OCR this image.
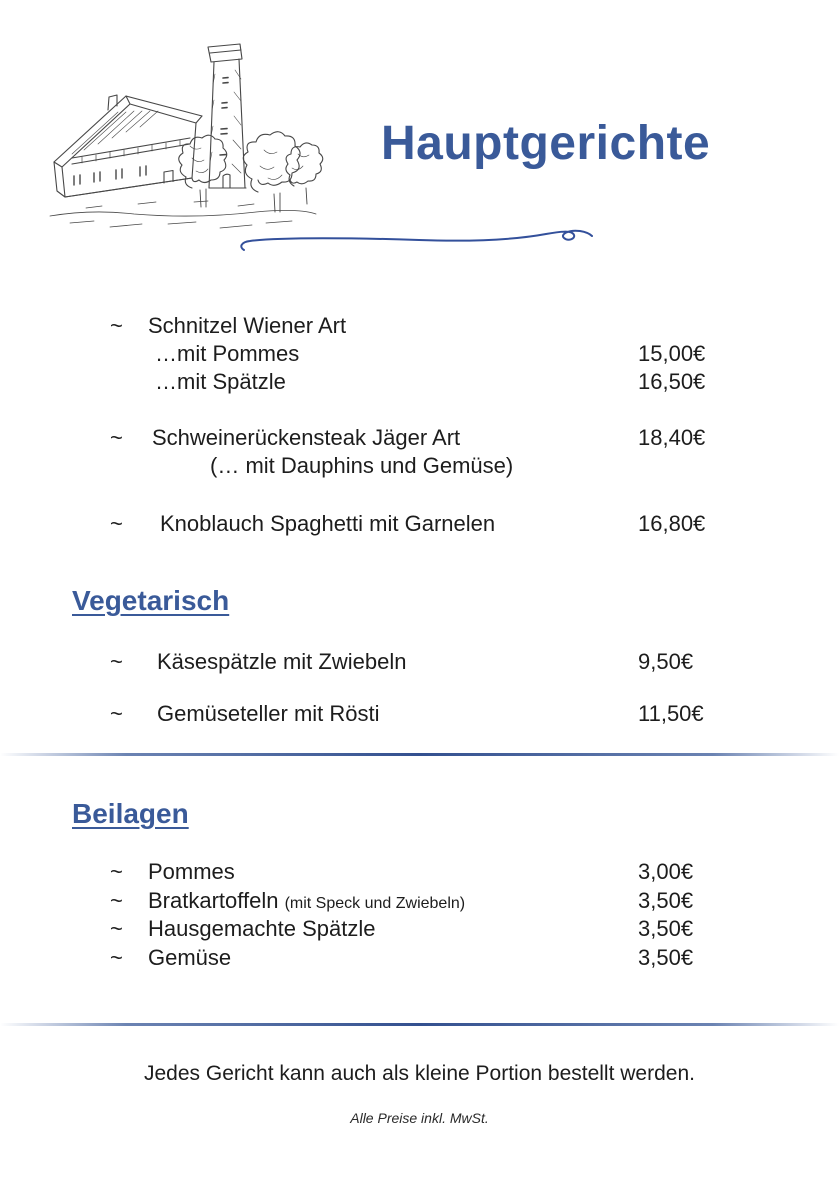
Hauptgerichte
~ Schnitzel Wiener Art
…mit Pommes	15,00€
…mit Spätzle	16,50€
~ Schweinerückensteak Jäger Art	18,40€
(… mit Dauphins und Gemüse)
~ Knoblauch Spaghetti mit Garnelen	16,80€
Vegetarisch
~ Käsespätzle mit Zwiebeln	9,50€
~ Gemüseteller mit Rösti	11,50€
Beilagen
~ Pommes	3,00€
~ Bratkartoffeln (mit Speck und Zwiebeln)	3,50€
~ Hausgemachte Spätzle	3,50€
~ Gemüse	3,50€
Jedes Gericht kann auch als kleine Portion bestellt werden.
Alle Preise inkl. MwSt.
